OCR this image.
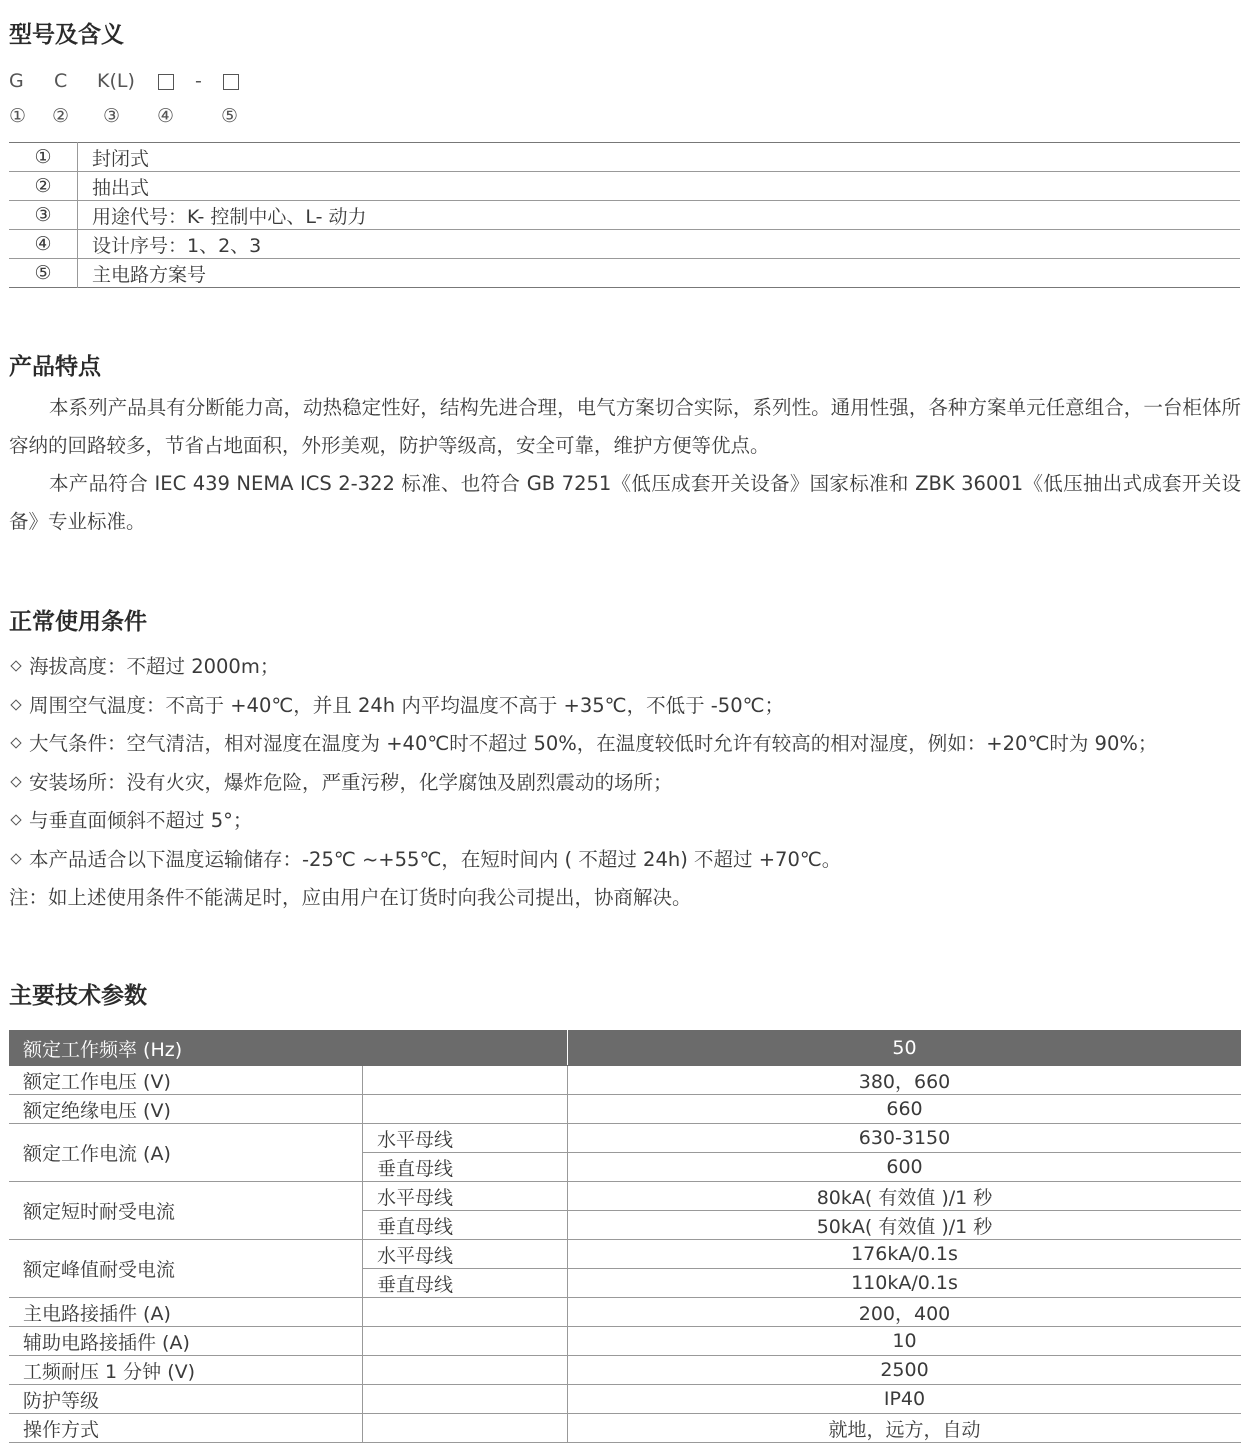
型号及含义
G C K(L)	-
① ② ③ ④ ⑤
①	封闭式
②	抽出式
③	用途代号：K- 控制中心、L- 动力
④	设计序号：1、2、3
⑤	主电路方案号
产品特点

本系列产品具有分断能力高，动热稳定性好，结构先进合理，电气方案切合实际，系列性。通用性强，各种方案单元任意组合，一台柜体所容纳的回路较多，节省占地面积，外形美观，防护等级高，安全可靠，维护方便等优点。

本产品符合 IEC 439 NEMA ICS 2-322 标准、也符合 GB 7251《低压成套开关设备》国家标准和 ZBK 36001《低压抽出式成套开关设备》专业标准。

正常使用条件
海拔高度：不超过 2000m；
周围空气温度：不高于 +40℃，并且 24h 内平均温度不高于 +35℃，不低于 -50℃；
大气条件：空气清洁，相对湿度在温度为 +40℃时不超过 50%，在温度较低时允许有较高的相对湿度，例如：+20℃时为 90%；
安装场所：没有火灾，爆炸危险，严重污秽，化学腐蚀及剧烈震动的场所；
与垂直面倾斜不超过 5°；
本产品适合以下温度运输储存：-25℃ ~+55℃，在短时间内 ( 不超过 24h) 不超过 +70℃。
注：如上述使用条件不能满足时，应由用户在订货时向我公司提出，协商解决。
主要技术参数
额定工作频率 (Hz)		50
额定工作电压 (V)		380，660
额定绝缘电压 (V)		660
额定工作电流 (A)	水平母线	630-3150
	垂直母线	600
额定短时耐受电流	水平母线	80kA( 有效值 )/1 秒
	垂直母线	50kA( 有效值 )/1 秒
额定峰值耐受电流	水平母线	176kA/0.1s
	垂直母线	110kA/0.1s
主电路接插件 (A)		200，400
辅助电路接插件 (A)		10
工频耐压 1 分钟 (V)		2500
防护等级		IP40
操作方式		就地，远方，自动
